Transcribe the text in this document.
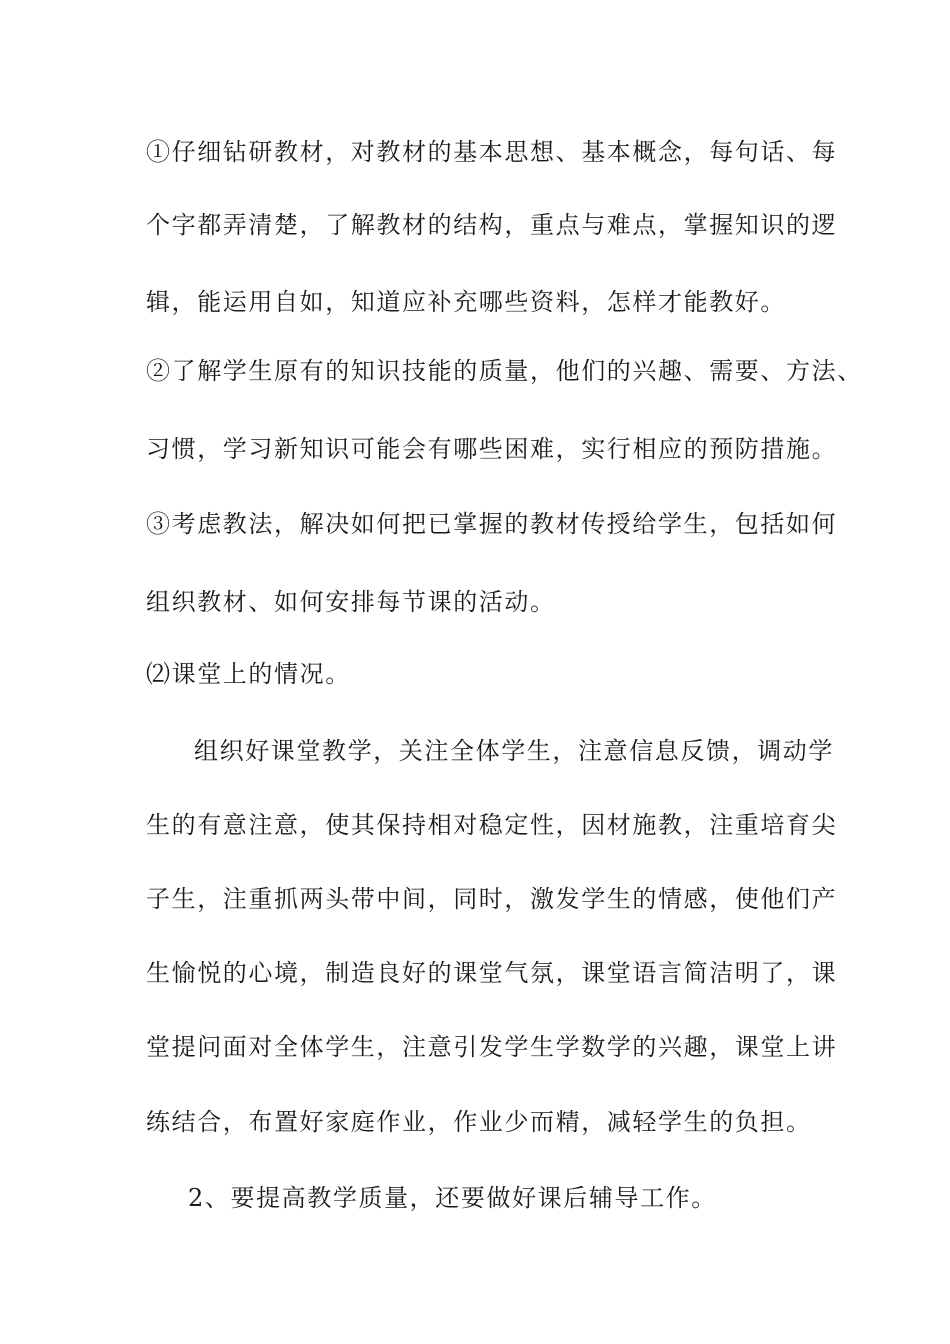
①仔细钻研教材，对教材的基本思想、基本概念，每句话、每
个字都弄清楚，了解教材的结构，重点与难点，掌握知识的逻
辑，能运用自如，知道应补充哪些资料，怎样才能教好。
②了解学生原有的知识技能的质量，他们的兴趣、需要、方法、
习惯，学习新知识可能会有哪些困难，实行相应的预防措施。
③考虑教法，解决如何把已掌握的教材传授给学生，包括如何
组织教材、如何安排每节课的活动。
⑵课堂上的情况。
组织好课堂教学，关注全体学生，注意信息反馈，调动学
生的有意注意，使其保持相对稳定性，因材施教，注重培育尖
子生，注重抓两头带中间，同时，激发学生的情感，使他们产
生愉悦的心境，制造良好的课堂气氛，课堂语言简洁明了，课
堂提问面对全体学生，注意引发学生学数学的兴趣，课堂上讲
练结合，布置好家庭作业，作业少而精，减轻学生的负担。
2、要提高教学质量，还要做好课后辅导工作。
